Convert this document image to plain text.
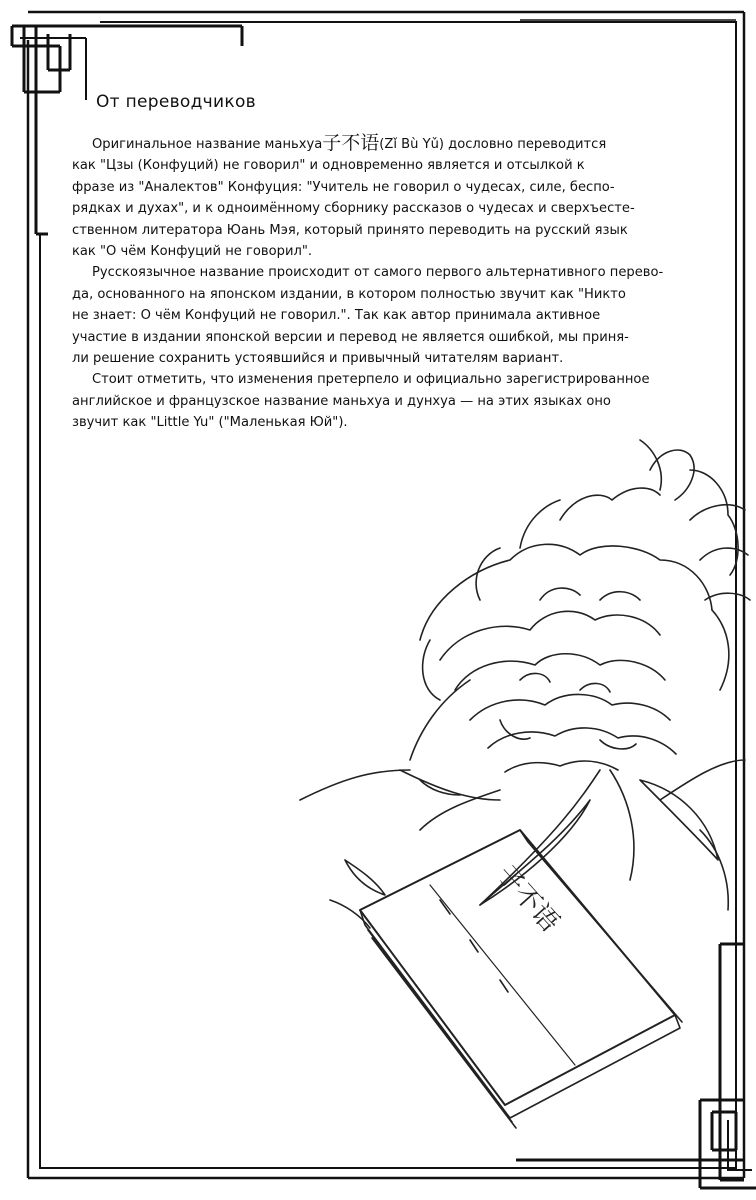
От переводчиков
Оригинальное название маньхуа 子不语 (Zǐ Bù Yǔ) дословно переводится
как "Цзы (Конфуций) не говорил" и одновременно является и отсылкой к
фразе из "Аналектов" Конфуция: "Учитель не говорил о чудесах, силе, беспо-
рядках и духах", и к одноимённому сборнику рассказов о чудесах и сверхъесте-
ственном литератора Юань Мэя, который принято переводить на русский язык
как "О чём Конфуций не говорил".
Русскоязычное название происходит от самого первого альтернативного перево-
да, основанного на японском издании, в котором полностью звучит как "Никто
не знает: О чём Конфуций не говорил.". Так как автор принимала активное
участие в издании японской версии и перевод не является ошибкой, мы приня-
ли решение сохранить устоявшийся и привычный читателям вариант.
Стоит отметить, что изменения претерпело и официально зарегистрированное
английское и французское название маньхуа и дунхуа — на этих языках оно
звучит как "Little Yu" ("Маленькая Юй").
子不语
